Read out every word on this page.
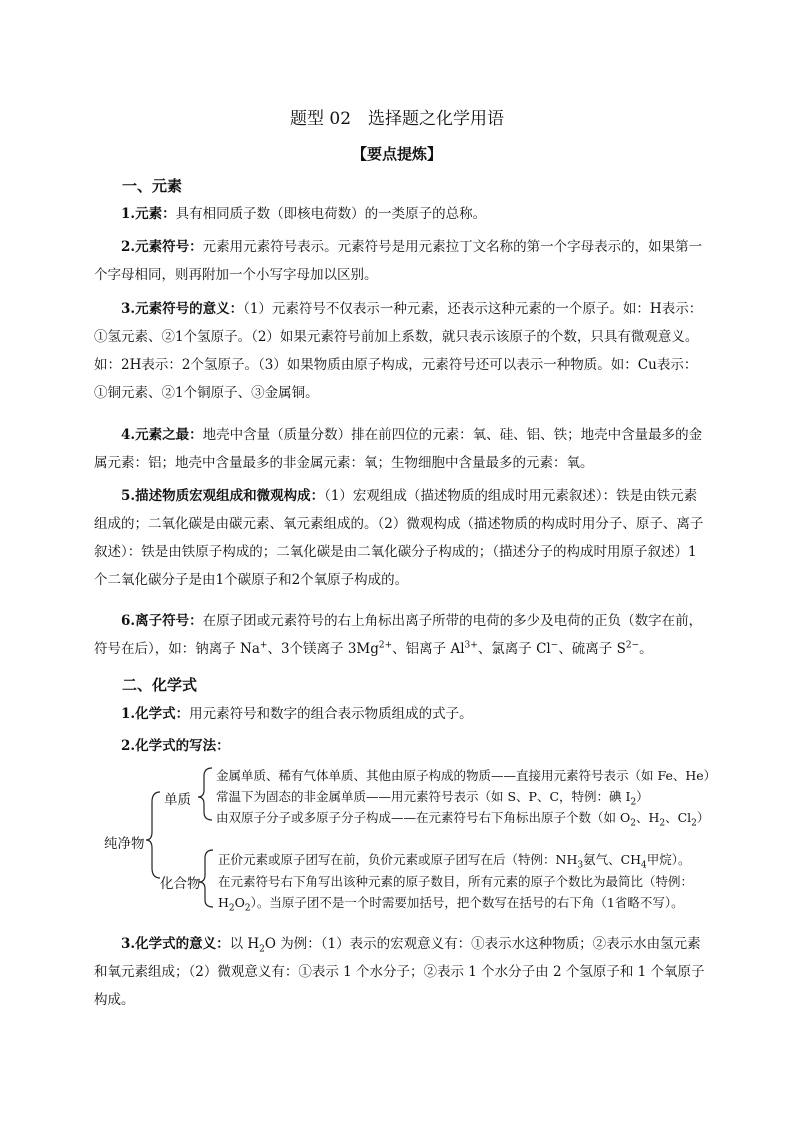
题型 02　选择题之化学用语
【要点提炼】
一、元素
1.元素：具有相同质子数（即核电荷数）的一类原子的总称。
2.元素符号：元素用元素符号表示。元素符号是用元素拉丁文名称的第一个字母表示的，如果第一个字母相同，则再附加一个小写字母加以区别。
3.元素符号的意义：（1）元素符号不仅表示一种元素，还表示这种元素的一个原子。如：H表示：①氢元素、②1个氢原子。（2）如果元素符号前加上系数，就只表示该原子的个数，只具有微观意义。如：2H表示：2个氢原子。（3）如果物质由原子构成，元素符号还可以表示一种物质。如：Cu表示：①铜元素、②1个铜原子、③金属铜。
4.元素之最：地壳中含量（质量分数）排在前四位的元素：氧、硅、铝、铁；地壳中含量最多的金属元素：铝；地壳中含量最多的非金属元素：氧；生物细胞中含量最多的元素：氧。
5.描述物质宏观组成和微观构成：（1）宏观组成（描述物质的组成时用元素叙述）：铁是由铁元素组成的；二氧化碳是由碳元素、氧元素组成的。（2）微观构成（描述物质的构成时用分子、原子、离子叙述）：铁是由铁原子构成的；二氧化碳是由二氧化碳分子构成的；（描述分子的构成时用原子叙述）1个二氧化碳分子是由1个碳原子和2个氧原子构成的。
6.离子符号：在原子团或元素符号的右上角标出离子所带的电荷的多少及电荷的正负（数字在前，符号在后），如：钠离子 Na+、3个镁离子 $3Mg^{2+}$、铝离子 $Al^{3+}$、氯离子 Cl−、硫离子 $S^{2-}$。
二、化学式
1.化学式：用元素符号和数字的组合表示物质组成的式子。
2.化学式的写法：
纯净物
单质
化合物
金属单质、稀有气体单质、其他由原子构成的物质——直接用元素符号表示（如 Fe、He）
常温下为固态的非金属单质——用元素符号表示（如 S、P、C，特例：碘 $I_2$）
由双原子分子或多原子分子构成——在元素符号右下角标出原子个数（如 $O_2$、$H_2$、$Cl_2$）
正价元素或原子团写在前，负价元素或原子团写在后（特例：$NH_3$氨气、$CH_4$甲烷）。
在元素符号右下角写出该种元素的原子数目，所有元素的原子个数比为最简比（特例：
$H_2O_2$）。当原子团不是一个时需要加括号，把个数写在括号的右下角（1省略不写）。
3.化学式的意义：以 $H_2O$ 为例：（1）表示的宏观意义有：①表示水这种物质；②表示水由氢元素和氧元素组成；（2）微观意义有：①表示 1 个水分子；②表示 1 个水分子由 2 个氢原子和 1 个氧原子构成。
